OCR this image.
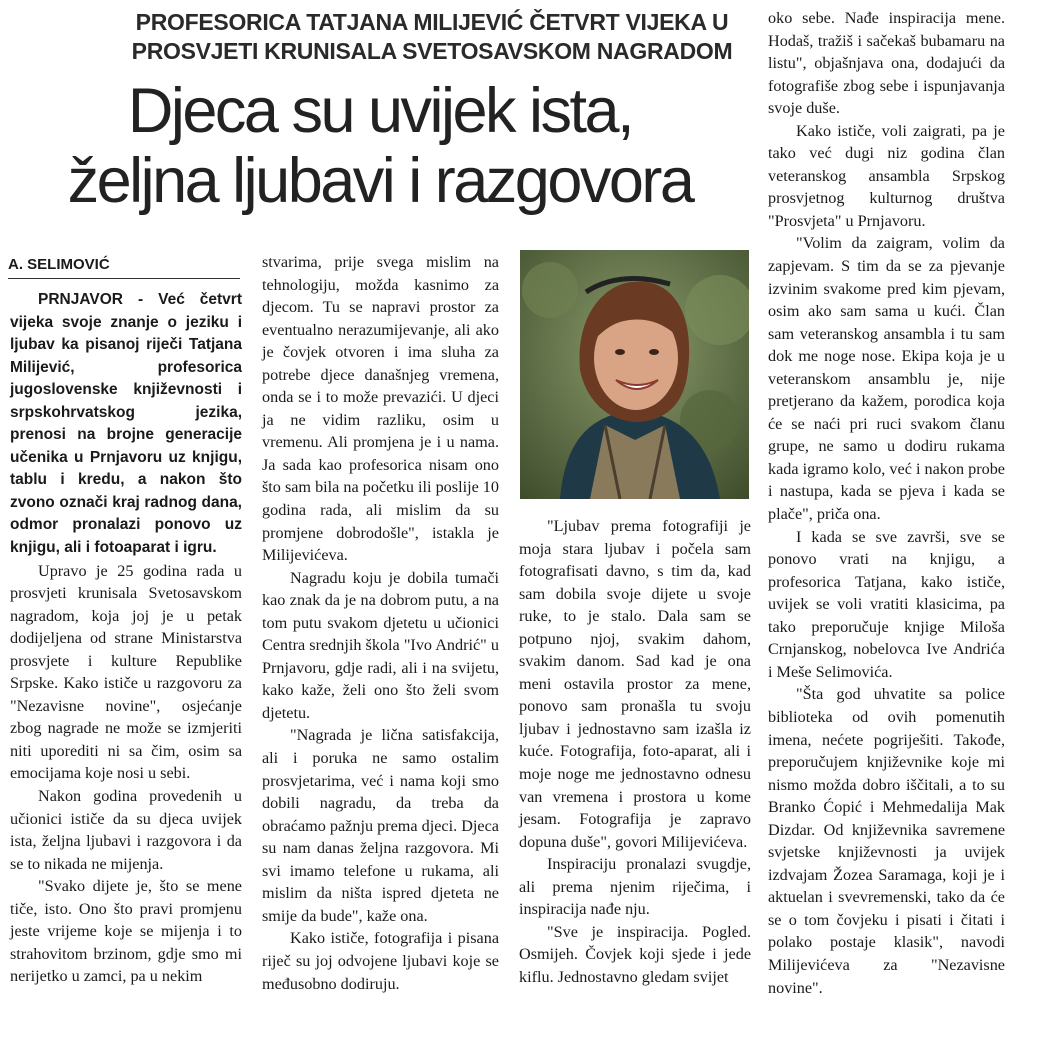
PROFESORICA TATJANA MILIJEVIĆ ČETVRT VIJEKA U
PROSVJETI KRUNISALA SVETOSAVSKOM NAGRADOM
Djeca su uvijek ista,
željna ljubavi i razgovora
A. SELIMOVIĆ

PRNJAVOR - Već četvrt vijeka svoje znanje o jeziku i ljubav ka pisanoj riječi Tatjana Milijević, profesorica jugoslovenske književnosti i srpskohrvatskog jezika, prenosi na brojne generacije učenika u Prnjavoru uz knjigu, tablu i kredu, a nakon što zvono označi kraj radnog dana, odmor pronalazi ponovo uz knjigu, ali i fotoaparat i igru.

Upravo je 25 godina rada u prosvjeti krunisala Svetosavskom nagradom, koja joj je u petak dodijeljena od strane Ministarstva prosvjete i kulture Republike Srpske. Kako ističe u razgovoru za "Nezavisne novine", osjećanje zbog nagrade ne može se izmjeriti niti uporediti ni sa čim, osim sa emocijama koje nosi u sebi.

Nakon godina provedenih u učionici ističe da su djeca uvijek ista, željna ljubavi i razgovora i da se to nikada ne mijenja.

"Svako dijete je, što se mene tiče, isto. Ono što pravi promjenu jeste vrijeme koje se mijenja i to strahovitom brzinom, gdje smo mi nerijetko u zamci, pa u nekim

stvarima, prije svega mislim na tehnologiju, možda kasnimo za djecom. Tu se napravi prostor za eventualno nerazumijevanje, ali ako je čovjek otvoren i ima sluha za potrebe djece današnjeg vremena, onda se i to može prevazići. U djeci ja ne vidim razliku, osim u vremenu. Ali promjena je i u nama. Ja sada kao profesorica nisam ono što sam bila na početku ili poslije 10 godina rada, ali mislim da su promjene dobrodošle", istakla je Milijevićeva.

Nagradu koju je dobila tumači kao znak da je na dobrom putu, a na tom putu svakom djetetu u učionici Centra srednjih škola "Ivo Andrić" u Prnjavoru, gdje radi, ali i na svijetu, kako kaže, želi ono što želi svom djetetu.

"Nagrada je lična satisfakcija, ali i poruka ne samo ostalim prosvjetarima, već i nama koji smo dobili nagradu, da treba da obraćamo pažnju prema djeci. Djeca su nam danas željna razgovora. Mi svi imamo telefone u rukama, ali mislim da ništa ispred djeteta ne smije da bude", kaže ona.

Kako ističe, fotografija i pisana riječ su joj odvojene ljubavi koje se međusobno dodiruju.

"Ljubav prema fotografiji je moja stara ljubav i počela sam fotografisati davno, s tim da, kad sam dobila svoje dijete u svoje ruke, to je stalo. Dala sam se potpuno njoj, svakim dahom, svakim danom. Sad kad je ona meni ostavila prostor za mene, ponovo sam pronašla tu svoju ljubav i jednostavno sam izašla iz kuće. Fotografija, foto-aparat, ali i moje noge me jednostavno odnesu van vremena i prostora u kome jesam. Fotografija je zapravo dopuna duše", govori Milijevićeva.

Inspiraciju pronalazi svugdje, ali prema njenim riječima, i inspiracija nađe nju.

"Sve je inspiracija. Pogled. Osmijeh. Čovjek koji sjede i jede kiflu. Jednostavno gledam svijet

oko sebe. Nađe inspiracija mene. Hodaš, tražiš i sačekaš bubamaru na listu", objašnjava ona, dodajući da fotografiše zbog sebe i ispunjavanja svoje duše.

Kako ističe, voli zaigrati, pa je tako već dugi niz godina član veteranskog ansambla Srpskog prosvjetnog kulturnog društva "Prosvjeta" u Prnjavoru.

"Volim da zaigram, volim da zapjevam. S tim da se za pjevanje izvinim svakome pred kim pjevam, osim ako sam sama u kući. Član sam veteranskog ansambla i tu sam dok me noge nose. Ekipa koja je u veteranskom ansamblu je, nije pretjerano da kažem, porodica koja će se naći pri ruci svakom članu grupe, ne samo u dodiru rukama kada igramo kolo, već i nakon probe i nastupa, kada se pjeva i kada se plače", priča ona.

I kada se sve završi, sve se ponovo vrati na knjigu, a profesorica Tatjana, kako ističe, uvijek se voli vratiti klasicima, pa tako preporučuje knjige Miloša Crnjanskog, nobelovca Ive Andrića i Meše Selimovića.

"Šta god uhvatite sa police biblioteka od ovih pomenutih imena, nećete pogriješiti. Takođe, preporučujem književnike koje mi nismo možda dobro iščitali, a to su Branko Ćopić i Mehmedalija Mak Dizdar. Od književnika savremene svjetske književnosti ja uvijek izdvajam Žozea Saramaga, koji je i aktuelan i svevremenski, tako da će se o tom čovjeku i pisati i čitati i polako postaje klasik", navodi Milijevićeva za "Nezavisne novine".
